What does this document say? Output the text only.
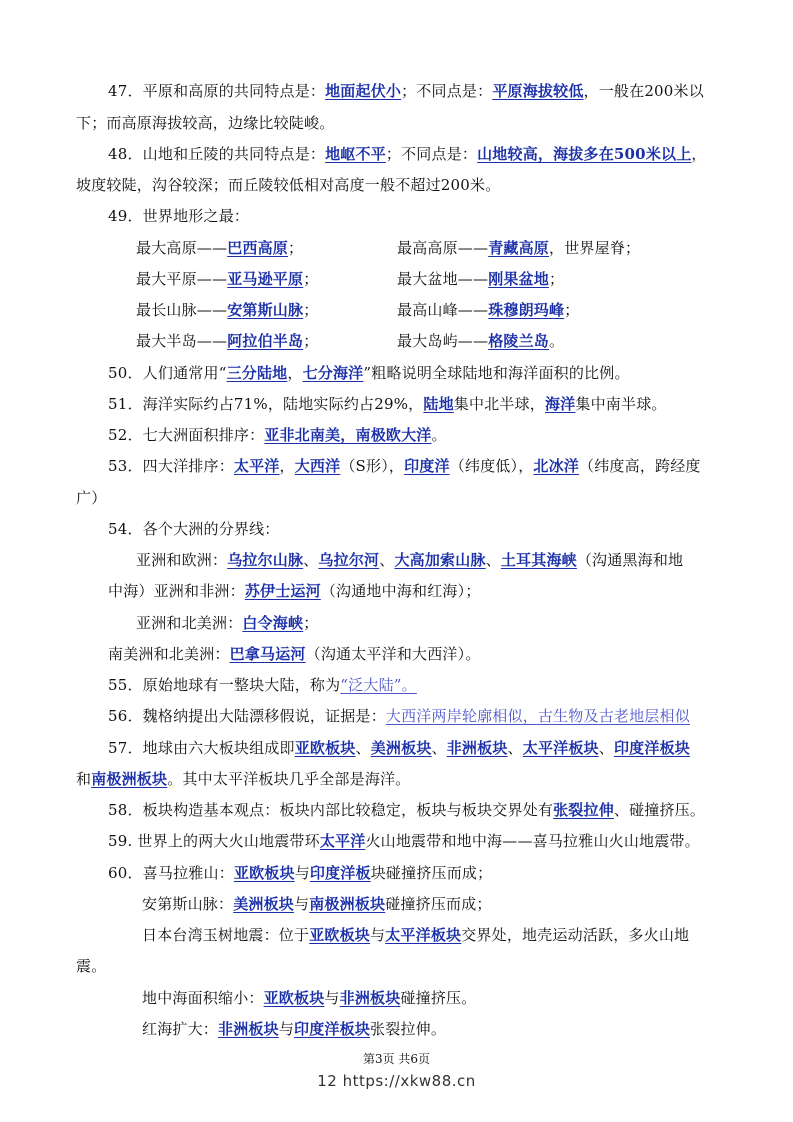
47．平原和高原的共同特点是：地面起伏小；不同点是：平原海拔较低，一般在200米以
下；而高原海拔较高，边缘比较陡峻。
48．山地和丘陵的共同特点是：地岖不平；不同点是：山地较高，海拔多在500米以上，
坡度较陡，沟谷较深；而丘陵较低相对高度一般不超过200米。
49．世界地形之最：
最大高原——巴西高原；	最高高原——青藏高原，世界屋脊；
最大平原——亚马逊平原；	最大盆地——刚果盆地；
最长山脉——安第斯山脉；	最高山峰——珠穆朗玛峰；
最大半岛——阿拉伯半岛；	最大岛屿——格陵兰岛。
50．人们通常用“三分陆地，七分海洋”粗略说明全球陆地和海洋面积的比例。
51．海洋实际约占71%，陆地实际约占29%，陆地集中北半球，海洋集中南半球。
52．七大洲面积排序：亚非北南美，南极欧大洋。
53．四大洋排序：太平洋，大西洋（S形），印度洋（纬度低），北冰洋（纬度高，跨经度
广）
54．各个大洲的分界线：
亚洲和欧洲：乌拉尔山脉、乌拉尔河、大高加索山脉、土耳其海峡（沟通黑海和地
中海）亚洲和非洲：苏伊士运河（沟通地中海和红海）；
亚洲和北美洲：白令海峡；
南美洲和北美洲：巴拿马运河（沟通太平洋和大西洋）。
55．原始地球有一整块大陆，称为“泛大陆”。
56．魏格纳提出大陆漂移假说，证据是：大西洋两岸轮廓相似，古生物及古老地层相似
57．地球由六大板块组成即亚欧板块、美洲板块、非洲板块、太平洋板块、印度洋板块
和南极洲板块。其中太平洋板块几乎全部是海洋。
58．板块构造基本观点：板块内部比较稳定，板块与板块交界处有张裂拉伸、碰撞挤压。
59. 世界上的两大火山地震带环太平洋火山地震带和地中海——喜马拉雅山火山地震带。
60．喜马拉雅山：亚欧板块与印度洋板块碰撞挤压而成；
安第斯山脉：美洲板块与南极洲板块碰撞挤压而成；
日本台湾玉树地震：位于亚欧板块与太平洋板块交界处，地壳运动活跃，多火山地
震。
地中海面积缩小：亚欧板块与非洲板块碰撞挤压。
红海扩大：非洲板块与印度洋板块张裂拉伸。
第3页 共6页
12 https://xkw88.cn
